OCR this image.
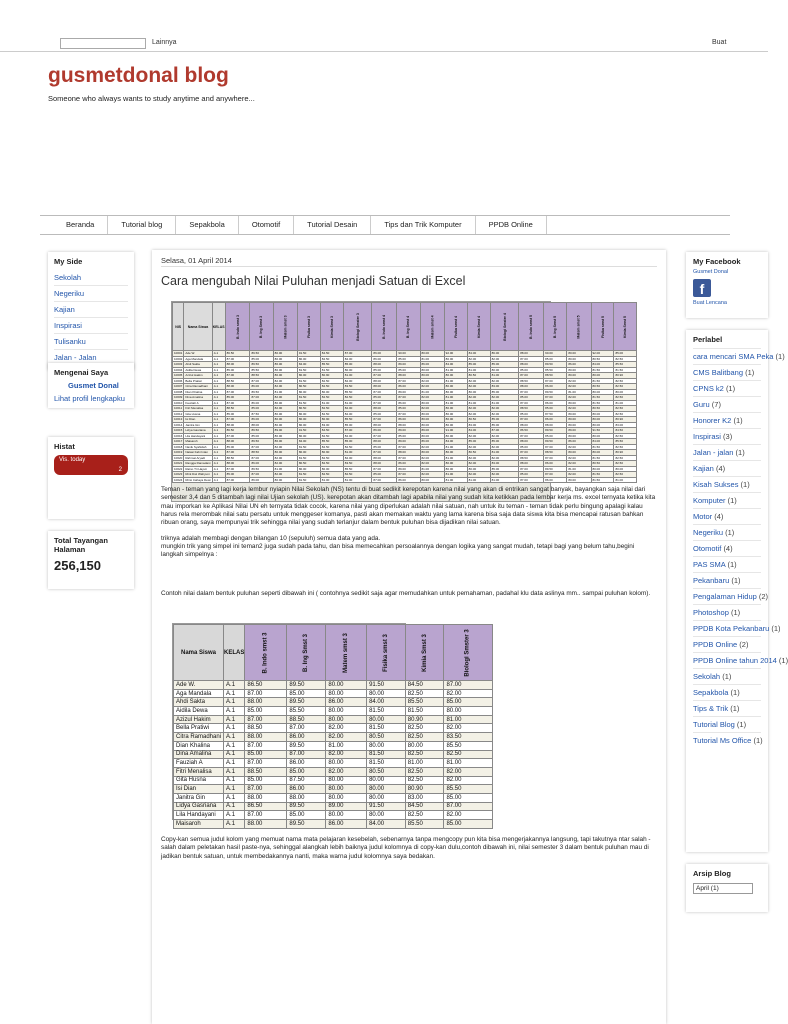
Lainnya	Buat
gusmetdonal blog
Someone who always wants to study anytime and anywhere...
Beranda	Tutorial blog	Sepakbola	Otomotif	Tutorial Desain	Tips dan Trik Komputer	PPDB Online
My Side
Sekolah
Negeriku
Kajian
Inspirasi
Tulisanku
Jalan - Jalan
Mengenai Saya
Gusmet Donal
Lihat profil lengkapku
Histat
Vis. today
2
Total Tayangan Halaman
256,150
Selasa, 01 April 2014
Cara mengubah Nilai Puluhan menjadi Satuan di Excel
NIS	Nama Siswa	KELAS	B. Indo smst 3	B. Ing Smst 3	Matem smst 3	Fisika smst 3	Kimia Smst 3	Biologi Smster 3	B. Indo smst 4	B. Ing Smst 4	Matem smst 4	Fisika smst 4	Kimia Smst 4	Biologi Smster 4	B. Indo smst 5	B. Ing Smst 5	Matem smst 5	Fisika smst 5	Kimia Smst 5
10001	Ade W.	A.1	86.50	89.50	80.00	91.50	84.50	87.00	86.00	90.00	80.00	92.00	84.00	86.00	88.00	90.00	80.00	92.00	85.00
10002	Aga Mandala	A.1	87.00	85.00	80.00	80.00	82.50	82.00	86.00	85.00	81.00	80.00	82.00	82.00	87.00	85.00	80.00	80.50	82.50
10003	Ahdi Sakta	A.1	88.00	89.50	86.00	84.00	85.50	85.00	88.00	89.00	86.00	84.00	85.00	85.00	88.00	89.50	86.00	84.00	85.50
10004	Aidila Dewa	A.1	85.00	85.50	80.00	81.50	81.50	80.00	85.00	85.00	80.00	81.00	81.00	80.00	85.00	85.50	80.00	81.50	81.50
10005	Azizul Hakim	A.1	87.00	88.50	80.00	80.00	80.90	81.00	87.00	88.00	80.00	80.00	80.50	81.00	87.00	88.50	80.00	80.00	80.90
10006	Bella Pratiwi	A.1	88.50	87.00	82.00	81.50	82.50	82.00	88.00	87.00	82.00	81.00	82.00	82.00	88.50	87.00	82.00	81.50	82.50
10007	Citra Ramadhani	A.1	88.00	86.00	82.00	80.50	82.50	83.50	88.00	86.00	82.00	80.00	82.00	83.00	88.00	86.00	82.00	80.50	82.50
10008	Dian Khalina	A.1	87.00	89.50	81.00	80.00	80.00	85.50	87.00	89.00	81.00	80.00	80.00	85.00	87.00	89.50	81.00	80.00	80.00
10009	Dina Amalina	A.1	85.00	87.00	82.00	81.50	82.50	82.50	85.00	87.00	82.00	81.00	82.00	82.00	85.00	87.00	82.00	81.50	82.50
10010	Fauziah A	A.1	87.00	86.00	80.00	81.50	81.00	81.00	87.00	86.00	80.00	81.00	81.00	81.00	87.00	86.00	80.00	81.50	81.00
10011	Fitri Menalisa	A.1	88.50	85.00	82.00	80.50	82.50	82.00	88.00	85.00	82.00	80.00	82.00	82.00	88.50	85.00	82.00	80.50	82.50
10012	Gita Husna	A.1	85.00	87.50	80.00	80.00	82.50	82.00	85.00	87.00	80.00	80.00	82.00	82.00	85.00	87.50	80.00	80.00	82.50
10013	Isi Dian	A.1	87.00	86.00	80.00	80.00	80.90	85.50	87.00	86.00	80.00	80.00	80.50	85.00	87.00	86.00	80.00	80.00	80.90
10014	Janitra Gin	A.1	88.00	88.00	80.00	80.00	83.00	85.00	88.00	88.00	80.00	80.00	83.00	85.00	88.00	88.00	80.00	80.00	83.00
10015	Lidya Gasriana	A.1	86.50	89.50	89.00	91.50	84.50	87.00	86.00	89.00	89.00	91.00	84.00	87.00	86.50	89.50	89.00	91.50	84.50
10016	Lila Handayani	A.1	87.00	85.00	80.00	80.00	82.50	82.00	87.00	85.00	80.00	80.00	82.00	82.00	87.00	85.00	80.00	80.00	82.50
10017	Maisaroh	A.1	88.00	89.50	86.00	84.00	85.50	85.00	88.00	89.00	86.00	84.00	85.00	85.00	88.00	89.50	86.00	84.00	85.50
10018	Nanik Syahidah	A.1	85.00	87.00	82.00	81.50	82.50	82.50	85.00	87.00	82.00	81.00	82.00	82.00	85.00	87.00	82.00	81.50	82.50
10019	Natasi Fabi Intan	A.1	87.00	88.50	80.00	80.00	80.90	81.00	87.00	88.00	80.00	80.00	80.50	81.00	87.00	88.50	80.00	80.00	80.90
10020	Rahmat Aryadi	A.1	88.50	87.00	82.00	81.50	82.50	82.00	88.00	87.00	82.00	81.00	82.00	82.00	88.50	87.00	82.00	81.50	82.50
10021	Rangga Ramadani	A.1	88.00	86.00	82.00	80.50	82.50	83.50	88.00	86.00	82.00	80.00	82.00	83.00	88.00	86.00	82.00	80.50	82.50
10022	Ratno Tri Hayuti	A.1	87.00	89.50	81.00	80.00	80.00	85.50	87.00	89.00	81.00	80.00	80.00	85.00	87.00	89.50	81.00	80.00	80.00
10023	Ririk Dwi Wahyuni	A.1	85.00	87.00	82.00	81.50	82.50	82.50	85.00	87.00	82.00	81.00	82.00	82.00	85.00	87.00	82.00	81.50	82.50
10024	Ririsi Cahaya Dewi	A.1	87.00	86.00	80.00	81.50	81.00	81.00	87.00	86.00	80.00	81.00	81.00	81.00	87.00	86.00	80.00	81.50	81.00
Teman - teman yang lagi kerja lembur nyiapin Nilai Sekolah (NS) tentu di buat sedikit kerepotan karena nilai yang akan di entrikan sangat banyak, bayangkan saja nilai dari semester 3,4 dan 5 ditambah lagi nilai Ujian sekolah (US). kerepotan akan ditambah lagi apabila nilai yang sudah kita ketikkan pada lembar kerja ms. excel ternyata ketika kita mau imporkan ke Aplikasi Nilai UN eh ternyata tidak cocok, karena nilai yang diperlukan adalah nilai satuan, nah untuk itu teman - teman tidak perlu bingung apalagi kalau harus rela merombak nilai satu persatu untuk menggeser komanya, pasti akan memakan waktu yang lama karena bisa saja data siswa kita bisa mencapai ratusan bahkan ribuan orang, saya mempunyai trik sehingga nilai yang sudah terlanjur dalam bentuk puluhan bisa dijadikan nilai satuan.
triknya adalah membagi dengan bilangan 10 (sepuluh) semua data yang ada.
mungkin trik yang simpel ini teman2 juga sudah pada tahu, dan bisa memecahkan persoalannya dengan logika yang sangat mudah, tetapi bagi yang belum tahu,begini langkah simpelnya :
Contoh nilai dalam bentuk puluhan seperti dibawah ini ( contohnya sedikit saja agar memudahkan untuk pemahaman, padahal klu data aslinya mm.. sampai puluhan kolom).
Nama Siswa	KELAS	B. Indo smst 3	B. Ing Smst 3	Matem smst 3	Fisika smst 3	Kimia Smst 3	Biologi Smster 3
Ade W.	A.1	86.50	89.50	80.00	91.50	84.50	87.00
Aga Mandala	A.1	87.00	85.00	80.00	80.00	82.50	82.00
Ahdi Sakta	A.1	88.00	89.50	86.00	84.00	85.50	85.00
Aidila Dewa	A.1	85.00	85.50	80.00	81.50	81.50	80.00
Azizul Hakim	A.1	87.00	88.50	80.00	80.00	80.90	81.00
Bella Pratiwi	A.1	88.50	87.00	82.00	81.50	82.50	82.00
Citra Ramadhani	A.1	88.00	86.00	82.00	80.50	82.50	83.50
Dian Khalina	A.1	87.00	89.50	81.00	80.00	80.00	85.50
Dina Amalina	A.1	85.00	87.00	82.00	81.50	82.50	82.50
Fauziah A	A.1	87.00	86.00	80.00	81.50	81.00	81.00
Fitri Menalisa	A.1	88.50	85.00	82.00	80.50	82.50	82.00
Gita Husna	A.1	85.00	87.50	80.00	80.00	82.50	82.00
Isi Dian	A.1	87.00	86.00	80.00	80.00	80.90	85.50
Janitra Gin	A.1	88.00	88.00	80.00	80.00	83.00	85.00
Lidya Gasriana	A.1	86.50	89.50	89.00	91.50	84.50	87.00
Lila Handayani	A.1	87.00	85.00	80.00	80.00	82.50	82.00
Maisaroh	A.1	88.00	89.50	86.00	84.00	85.50	85.00
Copy-kan semua judul kolom yang memuat nama mata pelajaran kesebelah, sebenarnya tanpa mengcopy pun kita bisa mengerjakannya langsung, tapi takutnya ntar salah - salah dalam peletakan hasil paste-nya, sehinggal alangkah lebih baiknya judul kolomnya di copy-kan dulu,contoh dibawah ini, nilai semester 3 dalam bentuk puluhan mau di jadikan bentuk satuan, untuk membedakannya nanti, maka warna judul kolomnya saya bedakan.
My Facebook
Gusmet Donal
f
Buat Lencana
Perlabel
cara mencari SMA Peka (1)
CMS Balitbang (1)
CPNS k2 (1)
Guru (7)
Honorer K2 (1)
Inspirasi (3)
Jalan - jalan (1)
Kajian (4)
Kisah Sukses (1)
Komputer (1)
Motor (4)
Negeriku (1)
Otomotif (4)
PAS SMA (1)
Pekanbaru (1)
Pengalaman Hidup (2)
Photoshop (1)
PPDB Kota Pekanbaru (1)
PPDB Online (2)
PPDB Online tahun 2014 (1)
Sekolah (1)
Sepakbola (1)
Tips & Trik (1)
Tutorial Blog (1)
Tutorial Ms Office (1)
Arsip Blog
April (1)
